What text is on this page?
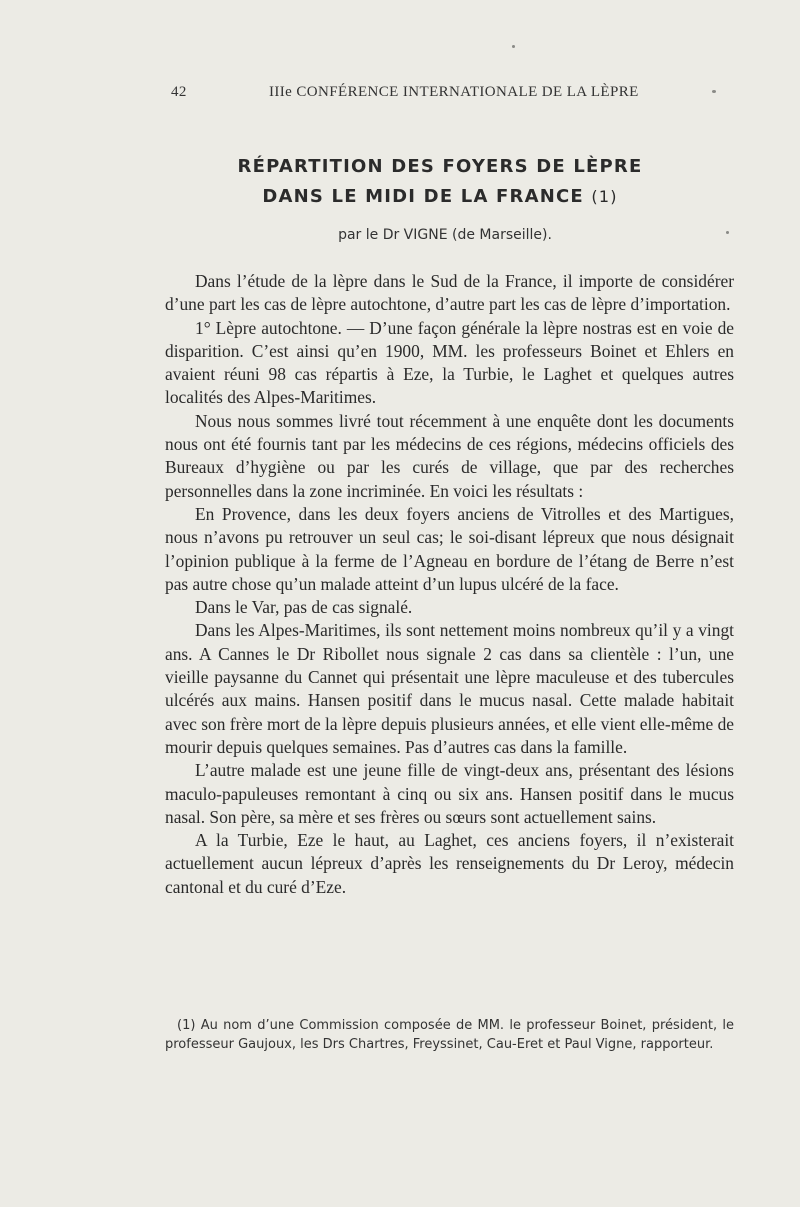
42	IIIe CONFÉRENCE INTERNATIONALE DE LA LÈPRE
RÉPARTITION DES FOYERS DE LÈPRE
DANS LE MIDI DE LA FRANCE (1)
par le Dr VIGNE (de Marseille).

Dans l’étude de la lèpre dans le Sud de la France, il importe de considérer d’une part les cas de lèpre autochtone, d’autre part les cas de lèpre d’importation.

1° Lèpre autochtone. — D’une façon générale la lèpre nostras est en voie de disparition. C’est ainsi qu’en 1900, MM. les professeurs Boinet et Ehlers en avaient réuni 98 cas répartis à Eze, la Turbie, le Laghet et quelques autres localités des Alpes-Maritimes.

Nous nous sommes livré tout récemment à une enquête dont les documents nous ont été fournis tant par les médecins de ces régions, médecins officiels des Bureaux d’hygiène ou par les curés de village, que par des recherches personnelles dans la zone incriminée. En voici les résultats :

En Provence, dans les deux foyers anciens de Vitrolles et des Martigues, nous n’avons pu retrouver un seul cas; le soi-disant lépreux que nous désignait l’opinion publique à la ferme de l’Agneau en bordure de l’étang de Berre n’est pas autre chose qu’un malade atteint d’un lupus ulcéré de la face.

Dans le Var, pas de cas signalé.

Dans les Alpes-Maritimes, ils sont nettement moins nombreux qu’il y a vingt ans. A Cannes le Dr Ribollet nous signale 2 cas dans sa clientèle : l’un, une vieille paysanne du Cannet qui présentait une lèpre maculeuse et des tubercules ulcérés aux mains. Hansen positif dans le mucus nasal. Cette malade habitait avec son frère mort de la lèpre depuis plusieurs années, et elle vient elle-même de mourir depuis quelques semaines. Pas d’autres cas dans la famille.

L’autre malade est une jeune fille de vingt-deux ans, présentant des lésions maculo-papuleuses remontant à cinq ou six ans. Hansen positif dans le mucus nasal. Son père, sa mère et ses frères ou sœurs sont actuellement sains.

A la Turbie, Eze le haut, au Laghet, ces anciens foyers, il n’existerait actuellement aucun lépreux d’après les renseignements du Dr Leroy, médecin cantonal et du curé d’Eze.

(1) Au nom d’une Commission composée de MM. le professeur Boinet, président, le professeur Gaujoux, les Drs Chartres, Freyssinet, Cau-Eret et Paul Vigne, rapporteur.
